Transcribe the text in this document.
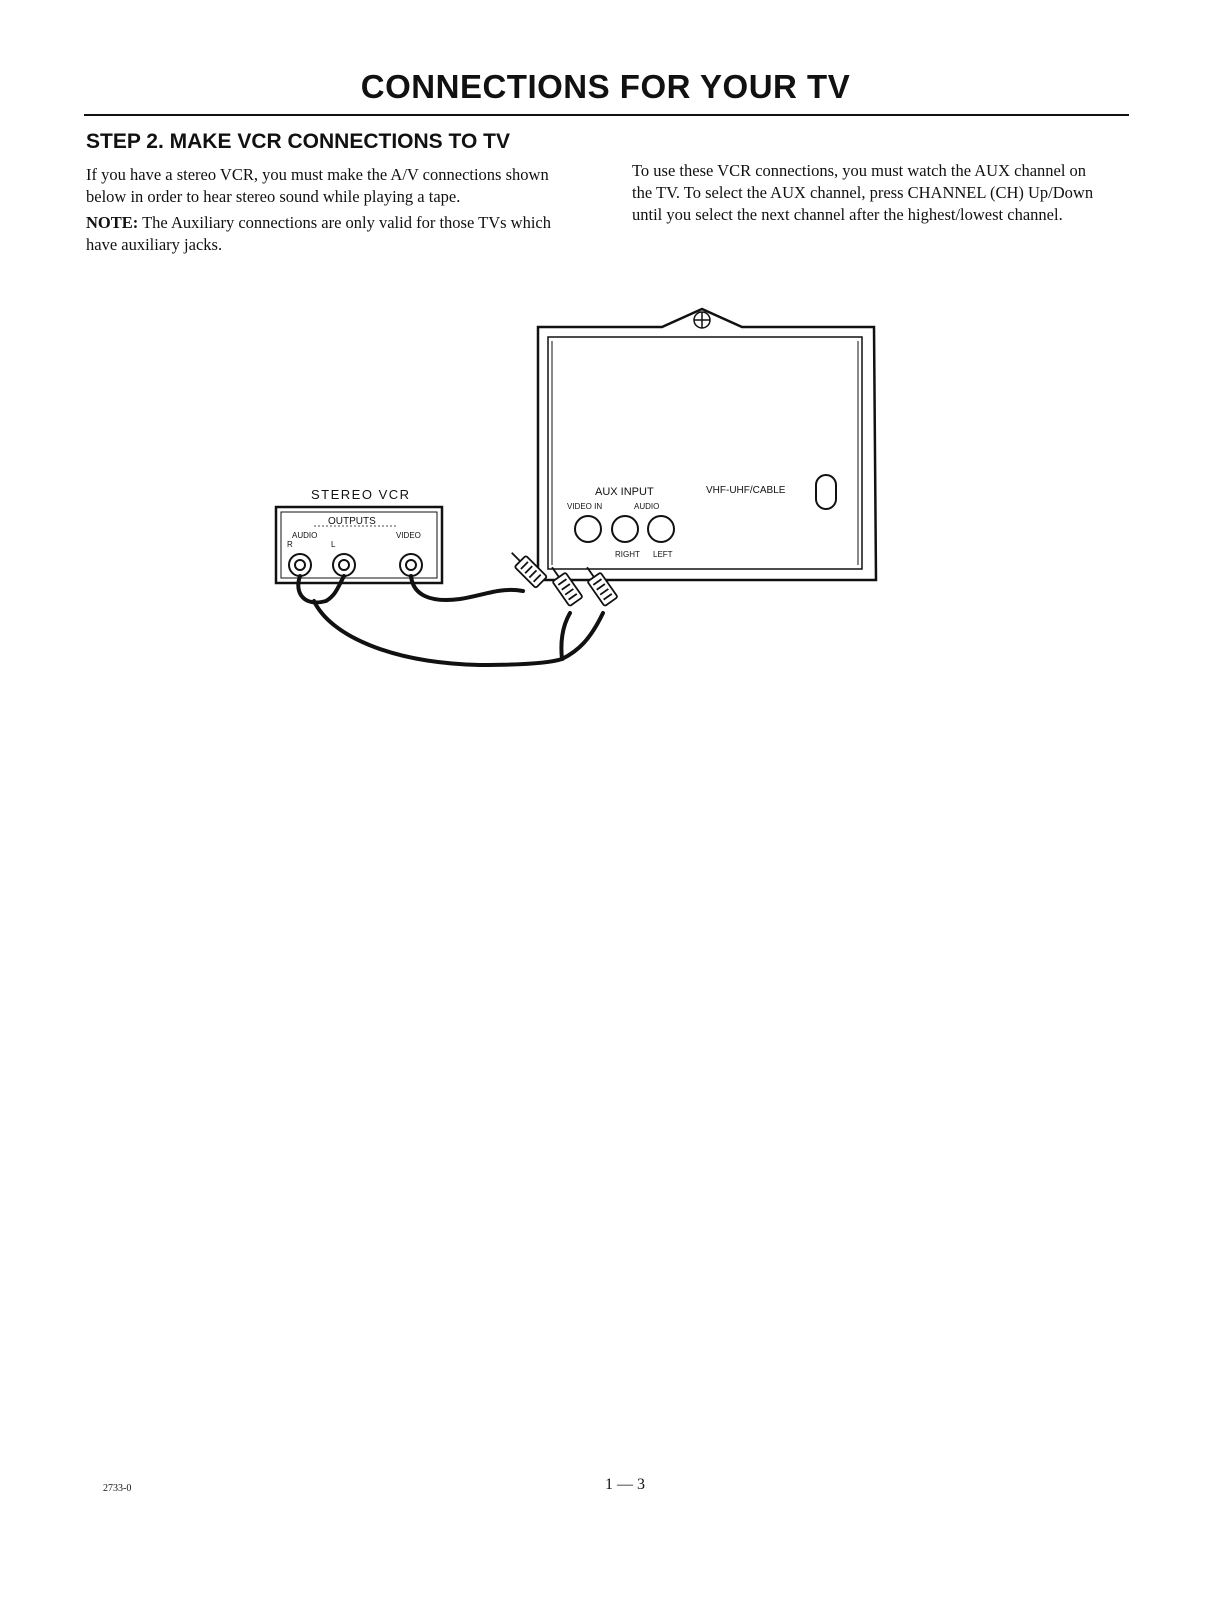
CONNECTIONS FOR YOUR TV
STEP 2. MAKE VCR CONNECTIONS TO TV

If you have a stereo VCR, you must make the A/V connections shown below in order to hear stereo sound while playing a tape.

NOTE: The Auxiliary connections are only valid for those TVs which have auxiliary jacks.

To use these VCR connections, you must watch the AUX channel on the TV. To select the AUX channel, press CHANNEL (CH) Up/Down until you select the next channel after the highest/lowest channel.

AUX INPUT
VIDEO IN	AUDIO
VHF-UHF/CABLE
RIGHT LEFT
STEREO VCR
OUTPUTS
AUDIO
R	L
VIDEO
2733-0	1 — 3
